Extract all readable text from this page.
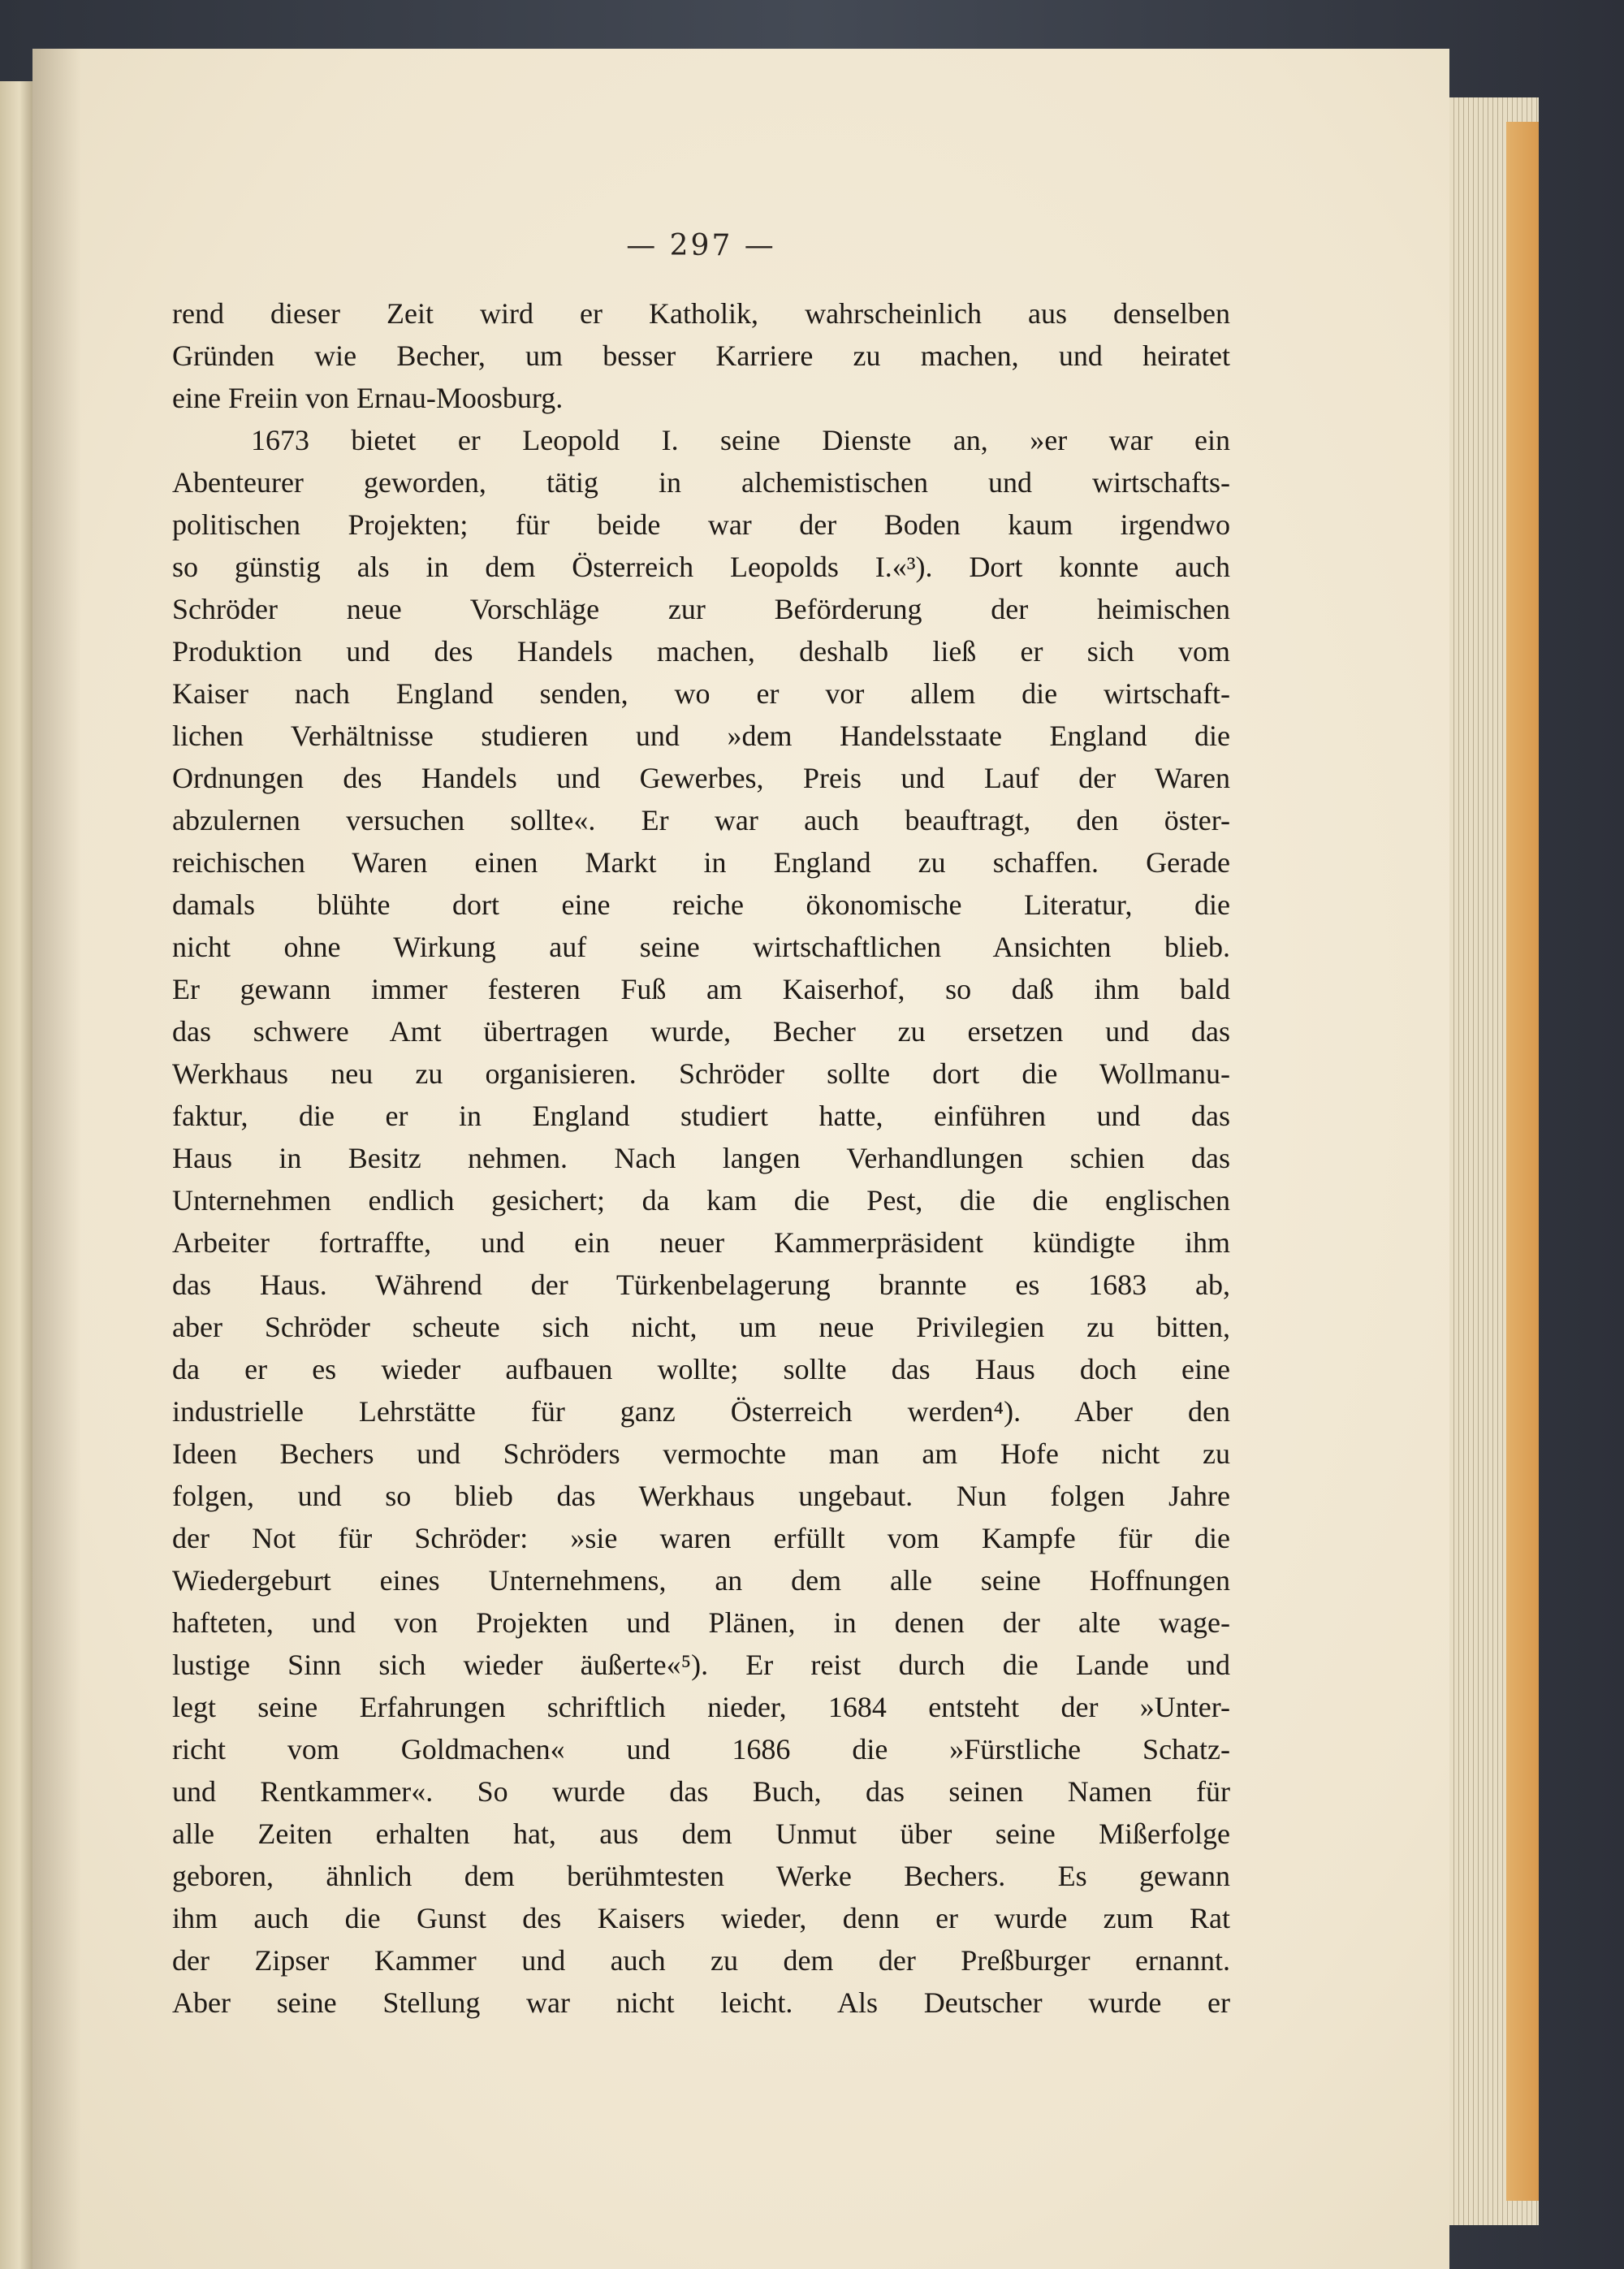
— 297 —

rend dieser Zeit wird er Katholik, wahrscheinlich aus denselben

Gründen wie Becher, um besser Karriere zu machen, und heiratet

eine Freiin von Ernau-Moosburg.

1673 bietet er Leopold I. seine Dienste an, »er war ein

Abenteurer geworden, tätig in alchemistischen und wirtschafts-

politischen Projekten; für beide war der Boden kaum irgendwo

so günstig als in dem Österreich Leopolds I.«³). Dort konnte auch

Schröder neue Vorschläge zur Beförderung der heimischen

Produktion und des Handels machen, deshalb ließ er sich vom

Kaiser nach England senden, wo er vor allem die wirtschaft-

lichen Verhältnisse studieren und »dem Handelsstaate England die

Ordnungen des Handels und Gewerbes, Preis und Lauf der Waren

abzulernen versuchen sollte«. Er war auch beauftragt, den öster-

reichischen Waren einen Markt in England zu schaffen. Gerade

damals blühte dort eine reiche ökonomische Literatur, die

nicht ohne Wirkung auf seine wirtschaftlichen Ansichten blieb.

Er gewann immer festeren Fuß am Kaiserhof, so daß ihm bald

das schwere Amt übertragen wurde, Becher zu ersetzen und das

Werkhaus neu zu organisieren. Schröder sollte dort die Wollmanu-

faktur, die er in England studiert hatte, einführen und das

Haus in Besitz nehmen. Nach langen Verhandlungen schien das

Unternehmen endlich gesichert; da kam die Pest, die die englischen

Arbeiter fortraffte, und ein neuer Kammerpräsident kündigte ihm

das Haus. Während der Türkenbelagerung brannte es 1683 ab,

aber Schröder scheute sich nicht, um neue Privilegien zu bitten,

da er es wieder aufbauen wollte; sollte das Haus doch eine

industrielle Lehrstätte für ganz Österreich werden⁴). Aber den

Ideen Bechers und Schröders vermochte man am Hofe nicht zu

folgen, und so blieb das Werkhaus ungebaut. Nun folgen Jahre

der Not für Schröder: »sie waren erfüllt vom Kampfe für die

Wiedergeburt eines Unternehmens, an dem alle seine Hoffnungen

hafteten, und von Projekten und Plänen, in denen der alte wage-

lustige Sinn sich wieder äußerte«⁵). Er reist durch die Lande und

legt seine Erfahrungen schriftlich nieder, 1684 entsteht der »Unter-

richt vom Goldmachen« und 1686 die »Fürstliche Schatz-

und Rentkammer«. So wurde das Buch, das seinen Namen für

alle Zeiten erhalten hat, aus dem Unmut über seine Mißerfolge

geboren, ähnlich dem berühmtesten Werke Bechers. Es gewann

ihm auch die Gunst des Kaisers wieder, denn er wurde zum Rat

der Zipser Kammer und auch zu dem der Preßburger ernannt.

Aber seine Stellung war nicht leicht. Als Deutscher wurde er
